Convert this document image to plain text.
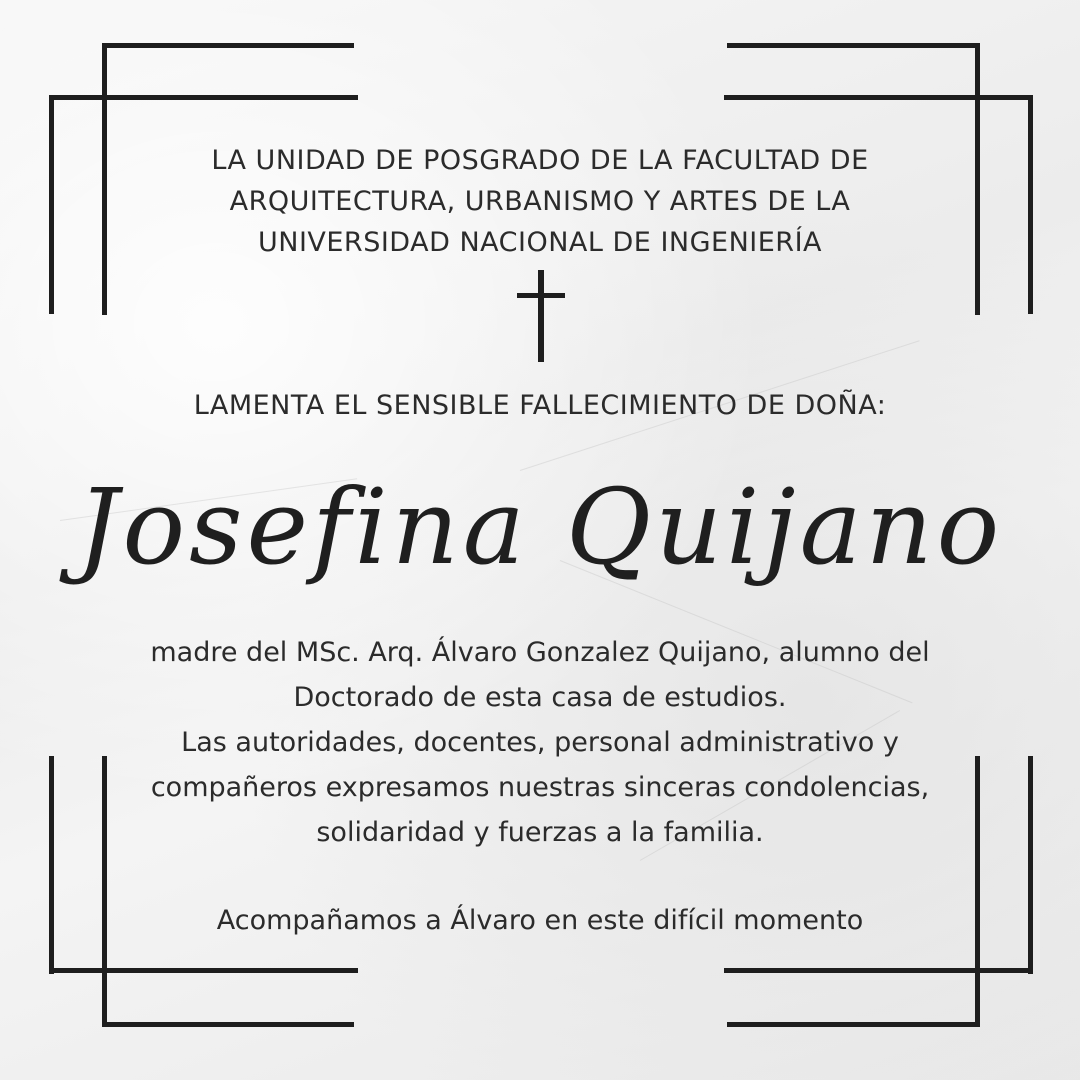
LA UNIDAD DE POSGRADO DE LA FACULTAD DE
ARQUITECTURA, URBANISMO Y ARTES DE LA
UNIVERSIDAD NACIONAL DE INGENIERÍA
LAMENTA EL SENSIBLE FALLECIMIENTO DE DOÑA:
Josefina Quijano
madre del MSc. Arq. Álvaro Gonzalez Quijano, alumno del
Doctorado de esta casa de estudios.
Las autoridades, docentes, personal administrativo y
compañeros expresamos nuestras sinceras condolencias,
solidaridad y fuerzas a la familia.
Acompañamos a Álvaro en este difícil momento
